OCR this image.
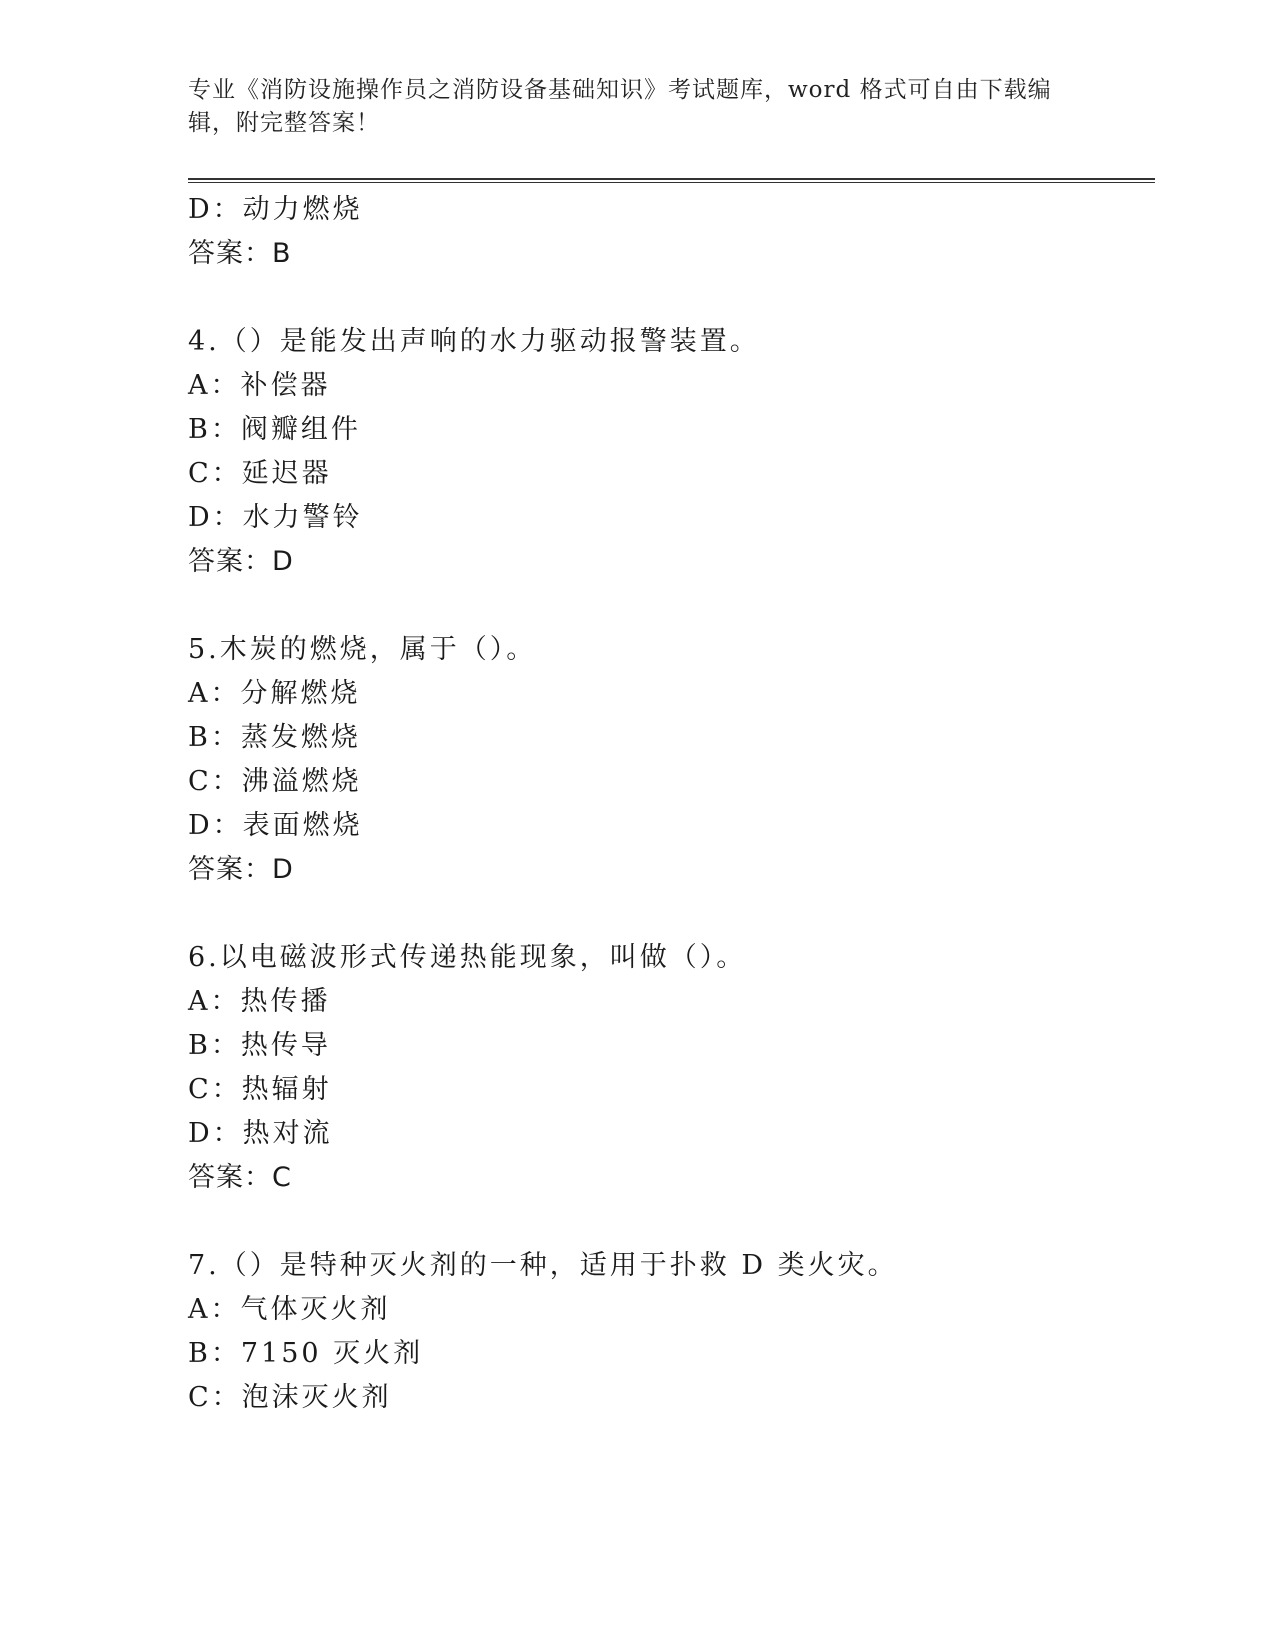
专业《消防设施操作员之消防设备基础知识》考试题库，word 格式可自由下载编辑，附完整答案！
D：动力燃烧
答案：B
4.（）是能发出声响的水力驱动报警装置。
A：补偿器
B：阀瓣组件
C：延迟器
D：水力警铃
答案：D
5.木炭的燃烧，属于（）。
A：分解燃烧
B：蒸发燃烧
C：沸溢燃烧
D：表面燃烧
答案：D
6.以电磁波形式传递热能现象，叫做（）。
A：热传播
B：热传导
C：热辐射
D：热对流
答案：C
7.（）是特种灭火剂的一种，适用于扑救 D 类火灾。
A：气体灭火剂
B：7150 灭火剂
C：泡沫灭火剂
